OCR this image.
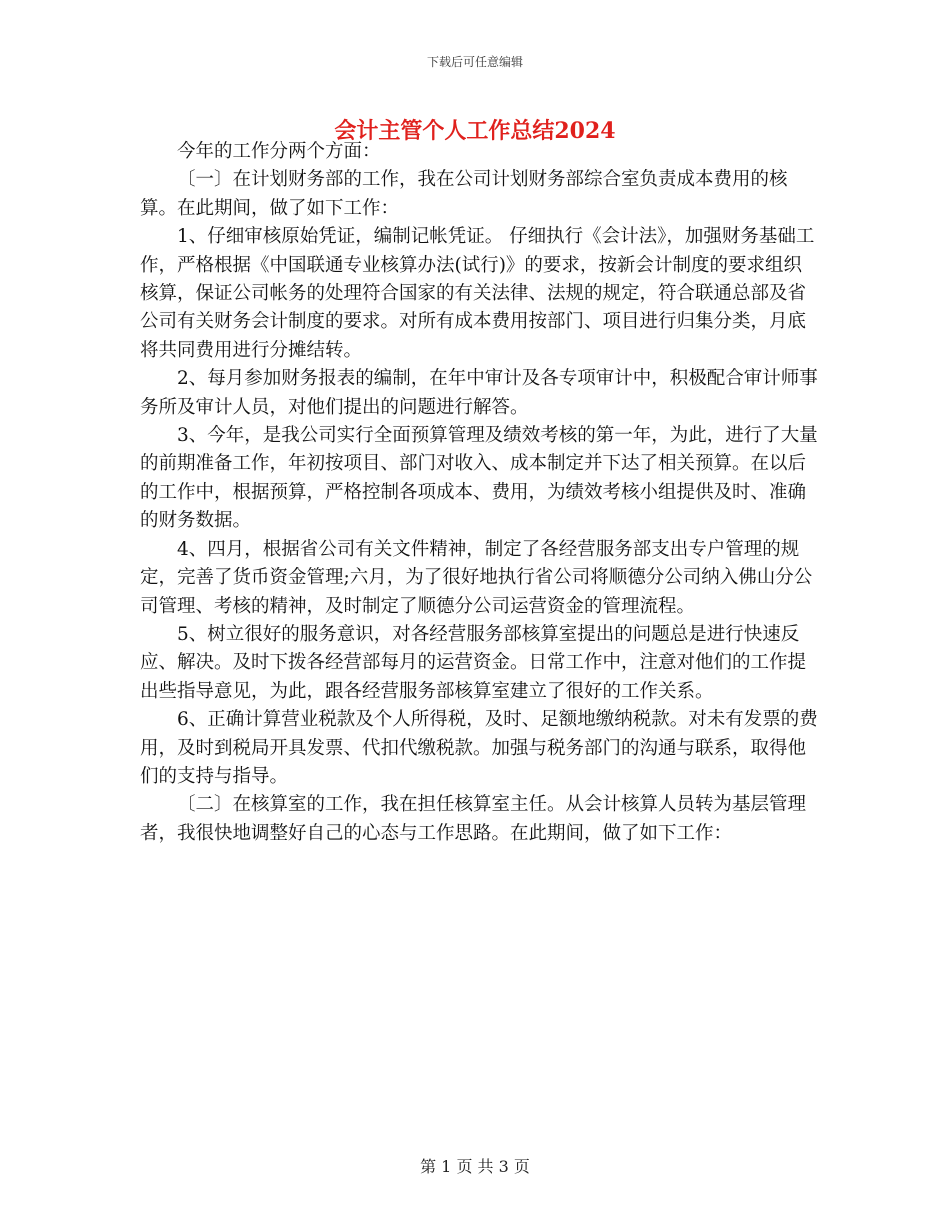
下载后可任意编辑
会计主管个人工作总结2024

今年的工作分两个方面：

〔一〕在计划财务部的工作，我在公司计划财务部综合室负责成本费用的核算。在此期间，做了如下工作：

1、仔细审核原始凭证，编制记帐凭证。 仔细执行《会计法》，加强财务基础工作，严格根据《中国联通专业核算办法(试行)》的要求，按新会计制度的要求组织核算，保证公司帐务的处理符合国家的有关法律、法规的规定，符合联通总部及省公司有关财务会计制度的要求。对所有成本费用按部门、项目进行归集分类，月底将共同费用进行分摊结转。

2、每月参加财务报表的编制，在年中审计及各专项审计中，积极配合审计师事务所及审计人员，对他们提出的问题进行解答。

3、今年，是我公司实行全面预算管理及绩效考核的第一年，为此，进行了大量的前期准备工作，年初按项目、部门对收入、成本制定并下达了相关预算。在以后的工作中，根据预算，严格控制各项成本、费用，为绩效考核小组提供及时、准确的财务数据。

4、四月，根据省公司有关文件精神，制定了各经营服务部支出专户管理的规定，完善了货币资金管理;六月，为了很好地执行省公司将顺德分公司纳入佛山分公司管理、考核的精神，及时制定了顺德分公司运营资金的管理流程。

5、树立很好的服务意识，对各经营服务部核算室提出的问题总是进行快速反应、解决。及时下拨各经营部每月的运营资金。日常工作中，注意对他们的工作提出些指导意见，为此，跟各经营服务部核算室建立了很好的工作关系。

6、正确计算营业税款及个人所得税，及时、足额地缴纳税款。对未有发票的费用，及时到税局开具发票、代扣代缴税款。加强与税务部门的沟通与联系，取得他们的支持与指导。

〔二〕在核算室的工作，我在担任核算室主任。从会计核算人员转为基层管理者，我很快地调整好自己的心态与工作思路。在此期间，做了如下工作：

第 1 页 共 3 页
